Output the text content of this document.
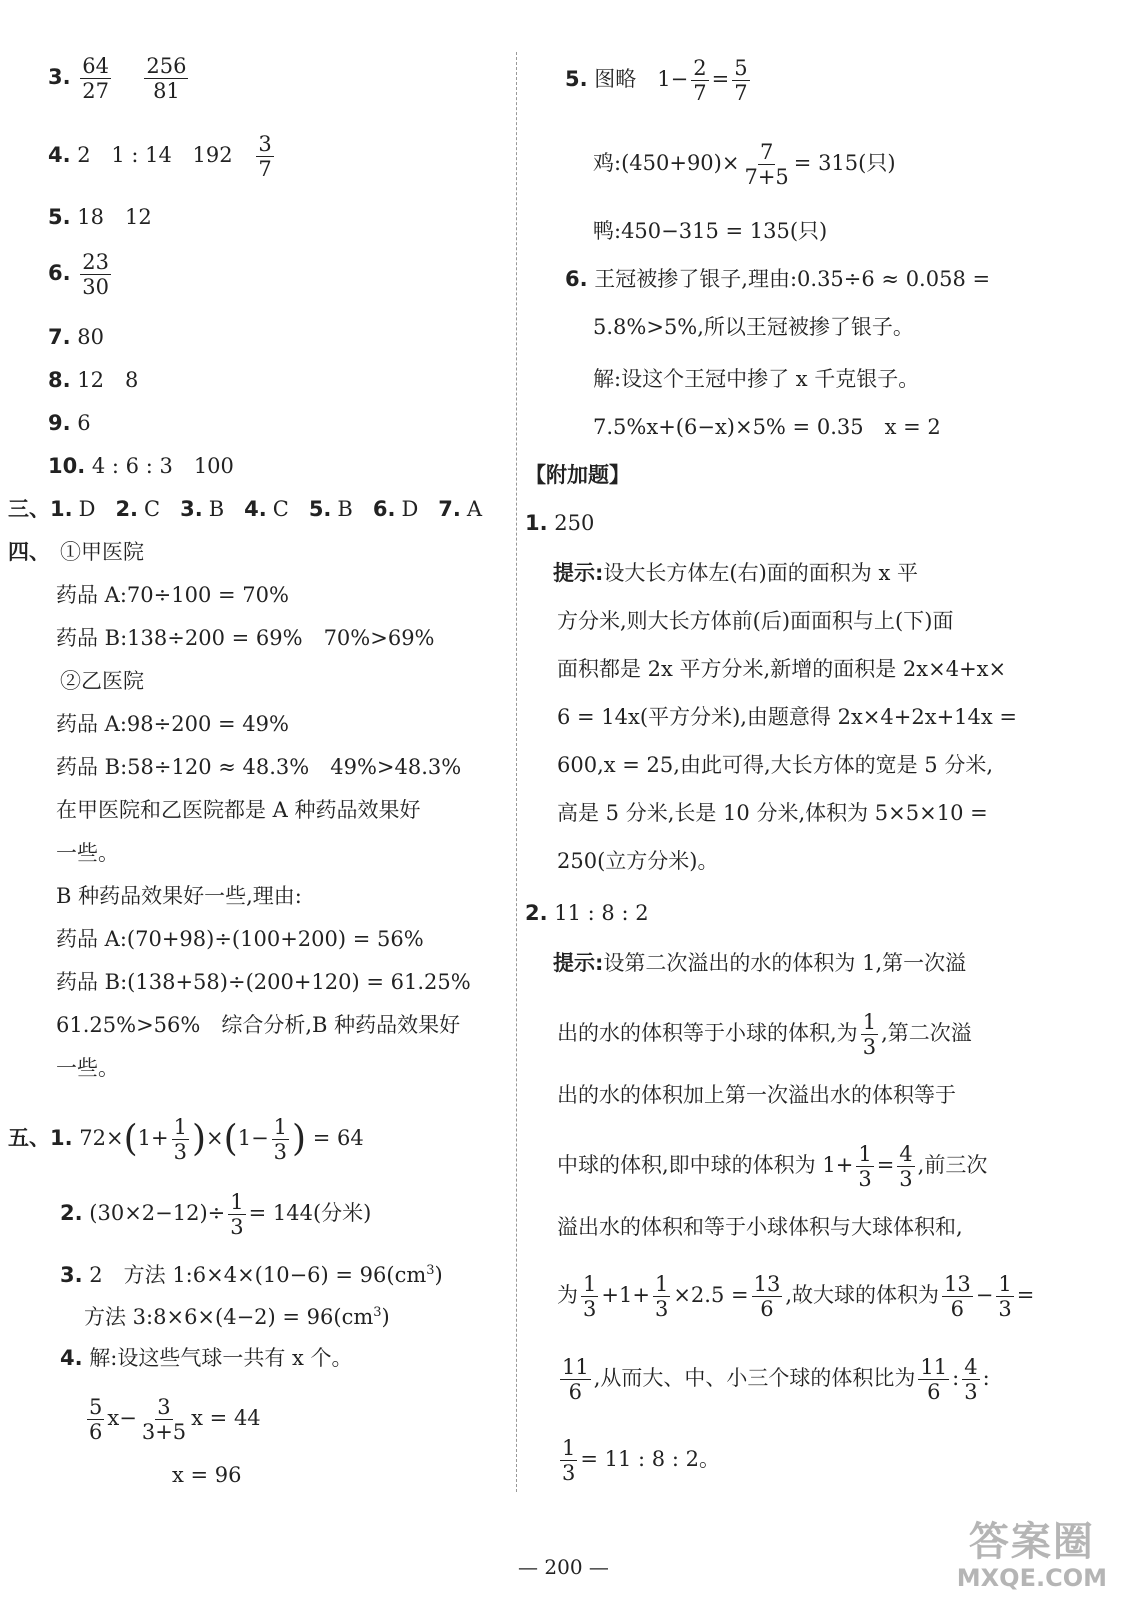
3. $\frac{64}{27}$
$\frac{256}{81}$
4. 2 1 : 14 $192 \frac{3}{7}$
5. 18　12
6. $\frac{23}{30}$
7. 80
8. 12　8
9. 6
10. 4 : 6 : 3　100
三、1. D 2. C 3. B 4. C 5. B 6. D 7. A
四、 ①甲医院
药品 A:70÷100 = 70%
药品 B:138÷200 = 69%　70%>69%
②乙医院
药品 A:98÷200 = 49%
药品 B:58÷120 ≈ 48.3%　49%>48.3%
在甲医院和乙医院都是 A 种药品效果好
一些。
B 种药品效果好一些,理由:
药品 A:(70+98)÷(100+200) = 56%
药品 B:(138+58)÷(200+120) = 61.25%
61.25%>56%　综合分析,B 种药品效果好
一些。
五、1. $72\times(1+ \frac{1}{3} )\times(1- \frac{1}{3}$ ) = 64
2. $(30\times 2-12)\div \frac{1}{3} = 144$(分米)
3. 2　方法 1:6×4×(10−6) = $96(cm^3)$
方法 3:8×6×(4−2) = $96(cm^3)$
4. 解:设这些气球一共有 x 个。
$\frac{5}{6} x- \frac{3}{3+5}$ x = 44
x = 96
5. 图略　$1- \frac{2}{7} = \frac{5}{7}$
鸡:(450+90)× $\frac{7}{7+5} = 315$(只)
鸭:450−315 = 135(只)
6. 王冠被掺了银子,理由:0.35÷6 ≈ 0.058 =
5.8%>5%,所以王冠被掺了银子。
解:设这个王冠中掺了 x 千克银子。
7.5%x+(6−x)×5% = 0.35　x = 2
【附加题】
1. 250
提示:设大长方体左(右)面的面积为 x 平
方分米,则大长方体前(后)面面积与上(下)面
面积都是 2x 平方分米,新增的面积是 2x×4+x×
6 = 14x(平方分米),由题意得 2x×4+2x+14x =
600,x = 25,由此可得,大长方体的宽是 5 分米,
高是 5 分米,长是 10 分米,体积为 5×5×10 =
250(立方分米)。
2. 11 : 8 : 2
提示:设第二次溢出的水的体积为 1,第一次溢
出的水的体积等于小球的体积,为 $\frac{1}{3}$ ,第二次溢
出的水的体积加上第一次溢出水的体积等于
中球的体积,即中球的体积为 $1+ \frac{1}{3} = \frac{4}{3}$ ,前三次
溢出水的体积和等于小球体积与大球体积和,
为 $\frac{1}{3} +1+ \frac{1}{3} \times 2.5 = \frac{13}{6}$ ,故大球的体积为 $\frac{13}{6} - \frac{1}{3}$ =
$\frac{11}{6}$ ,从而大、中、小三个球的体积比为 $\frac{11}{6}$ : $\frac{4}{3}$ :
$\frac{1}{3} = 11$ : 8 : 2。
— 200 —
答案圈
MXQE.COM
